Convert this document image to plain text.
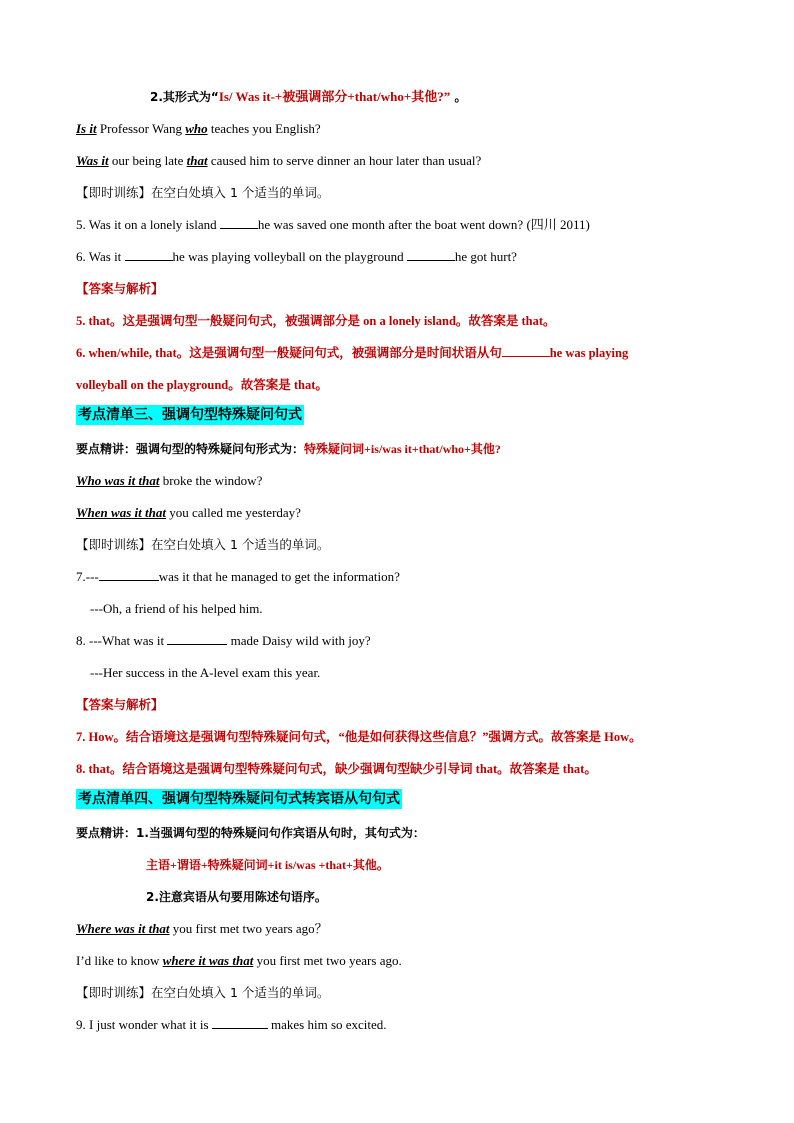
2.其形式为“Is/ Was it-+被强调部分+that/who+其他?” 。
Is it Professor Wang who teaches you English?
Was it our being late that caused him to serve dinner an hour later than usual?
【即时训练】在空白处填入 1 个适当的单词。
5. Was it on a lonely island	he was saved one month after the boat went down? (四川 2011)
6. Was it	he was playing volleyball on the playground	he got hurt?
【答案与解析】
5. that。这是强调句型一般疑问句式，被强调部分是 on a lonely island。故答案是 that。
6. when/while, that。这是强调句型一般疑问句式，被强调部分是时间状语从句	he was playing
volleyball on the playground。故答案是 that。
考点清单三、强调句型特殊疑问句式
要点精讲：强调句型的特殊疑问句形式为：特殊疑问词+is/was it+that/who+其他?
Who was it that broke the window?
When was it that you called me yesterday?
【即时训练】在空白处填入 1 个适当的单词。
7.---	was it that he managed to get the information?
---Oh, a friend of his helped him.
8. ---What was it	made Daisy wild with joy?
---Her success in the A-level exam this year.
【答案与解析】
7. How。结合语境这是强调句型特殊疑问句式，“他是如何获得这些信息？”强调方式。故答案是 How。
8. that。结合语境这是强调句型特殊疑问句式，缺少强调句型缺少引导词 that。故答案是 that。
考点清单四、强调句型特殊疑问句式转宾语从句句式
要点精讲：1.当强调句型的特殊疑问句作宾语从句时，其句式为：
主语+谓语+特殊疑问词+it is/was +that+其他。
2.注意宾语从句要用陈述句语序。
Where was it that you first met two years ago？
I’d like to know where it was that you first met two years ago.
【即时训练】在空白处填入 1 个适当的单词。
9. I just wonder what it is	makes him so excited.
